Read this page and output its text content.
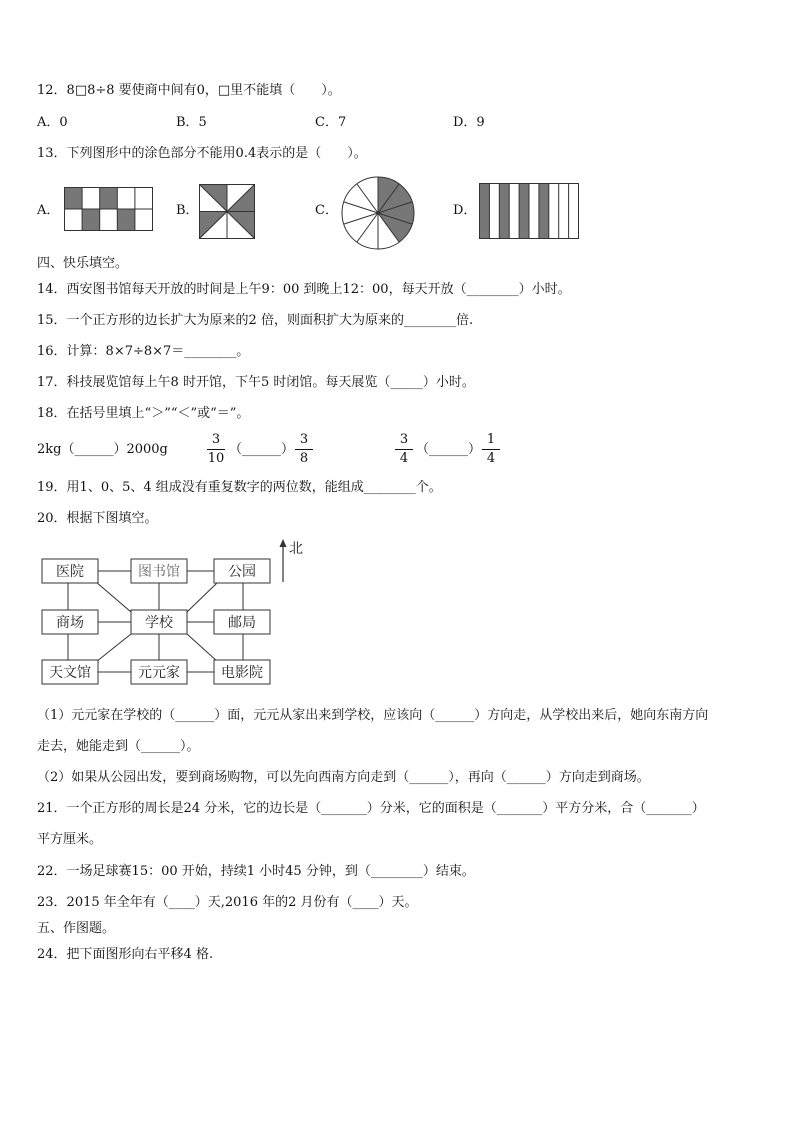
12．8□8÷8 要使商中间有0，□里不能填（　　）。
A．0	B．5	C．7	D．9
13．下列图形中的涂色部分不能用0.4表示的是（　　）。
A．	B．	C．	D．
四、快乐填空。
14．西安图书馆每天开放的时间是上午9：00 到晚上12：00，每天开放（________）小时。
15．一个正方形的边长扩大为原来的2 倍，则面积扩大为原来的________倍.
16．计算：8×7÷8×7＝________。
17．科技展览馆每上午8 时开馆，下午5 时闭馆。每天展览（_____）小时。
18．在括号里填上“＞”“＜”或“＝”。
2kg（______）2000g
3
10
（______）
3
8
3
4
（______）
1
4
19．用1、0、5、4 组成没有重复数字的两位数，能组成________个。
20．根据下图填空。
医院	图书馆	公园
商场	学校	邮局
天文馆	元元家	电影院
北
（1）元元家在学校的（______）面，元元从家出来到学校，应该向（______）方向走，从学校出来后，她向东南方向
走去，她能走到（______）。
（2）如果从公园出发，要到商场购物，可以先向西南方向走到（______），再向（______）方向走到商场。
21．一个正方形的周长是24 分米，它的边长是（_______）分米，它的面积是（_______）平方分米，合（_______）
平方厘米。
22．一场足球赛15：00 开始，持续1 小时45 分钟，到（________）结束。
23．2015 年全年有（____）天,2016 年的2 月份有（____）天。
五、作图题。
24．把下面图形向右平移4 格.
